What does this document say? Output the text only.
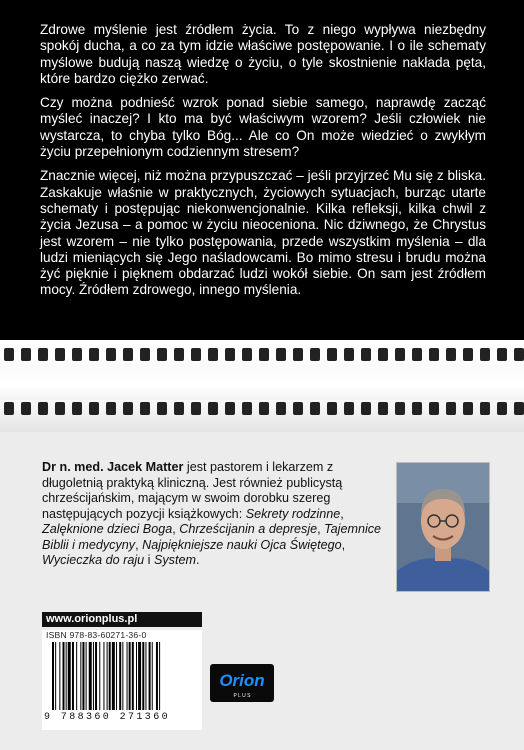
Zdrowe myślenie jest źródłem życia. To z niego wypływa niezbędny spokój ducha, a co za tym idzie właściwe postępowanie. I o ile schematy myślowe budują naszą wiedzę o życiu, o tyle skostnienie nakłada pęta, które bardzo ciężko zerwać.

Czy można podnieść wzrok ponad siebie samego, naprawdę zacząć myśleć inaczej? I kto ma być właściwym wzorem? Jeśli człowiek nie wystarcza, to chyba tylko Bóg... Ale co On może wiedzieć o zwykłym życiu przepełnionym codziennym stresem?

Znacznie więcej, niż można przypuszczać – jeśli przyjrzeć Mu się z bliska. Zaskakuje właśnie w praktycznych, życiowych sytuacjach, burząc utarte schematy i postępując niekonwencjonalnie. Kilka refleksji, kilka chwil z życia Jezusa – a pomoc w życiu nieoceniona. Nic dziwnego, że Chrystus jest wzorem – nie tylko postępowania, przede wszystkim myślenia – dla ludzi mieniących się Jego naśladowcami. Bo mimo stresu i brudu można żyć pięknie i pięknem obdarzać ludzi wokół siebie. On sam jest źródłem mocy. Źródłem zdrowego, innego myślenia.

Dr n. med. Jacek Matter jest pastorem i lekarzem z długoletnią praktyką kliniczną. Jest również publicystą chrześcijańskim, mającym w swoim dorobku szereg następujących pozycji książkowych: Sekrety rodzinne, Zalęknione dzieci Boga, Chrześcijanin a depresje, Tajemnice Biblii i medycyny, Najpiękniejsze nauki Ojca Świętego, Wycieczka do raju i System.
www.orionplus.pl
ISBN 978-83-60271-36-0
9 788360 271360
Orion
P L U S
